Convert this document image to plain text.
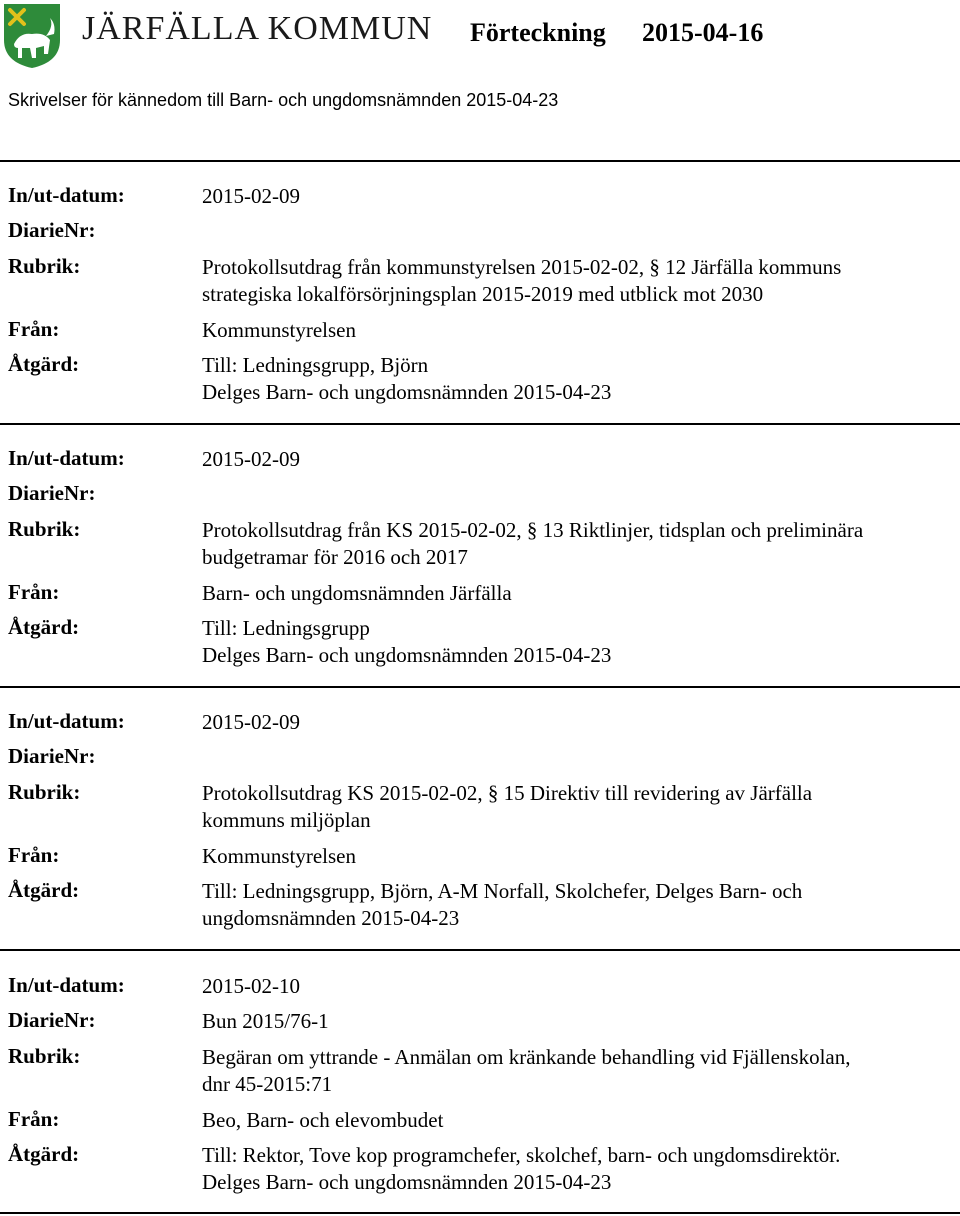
JÄRFÄLLA KOMMUN Förteckning 2015-04-16
Skrivelser för kännedom till Barn- och ungdomsnämnden 2015-04-23
In/ut-datum:	2015-02-09
DiarieNr:
Rubrik:	Protokollsutdrag från kommunstyrelsen 2015-02-02, § 12 Järfälla kommuns
strategiska lokalförsörjningsplan 2015-2019 med utblick mot 2030
Från:	Kommunstyrelsen
Åtgärd:	Till: Ledningsgrupp, Björn
Delges Barn- och ungdomsnämnden 2015-04-23
In/ut-datum:	2015-02-09
DiarieNr:
Rubrik:	Protokollsutdrag från KS 2015-02-02, § 13 Riktlinjer, tidsplan och preliminära
budgetramar för 2016 och 2017
Från:	Barn- och ungdomsnämnden Järfälla
Åtgärd:	Till: Ledningsgrupp
Delges Barn- och ungdomsnämnden 2015-04-23
In/ut-datum:	2015-02-09
DiarieNr:
Rubrik:	Protokollsutdrag KS 2015-02-02, § 15 Direktiv till revidering av Järfälla
kommuns miljöplan
Från:	Kommunstyrelsen
Åtgärd:	Till: Ledningsgrupp, Björn, A-M Norfall, Skolchefer, Delges Barn- och
ungdomsnämnden 2015-04-23
In/ut-datum:	2015-02-10
DiarieNr:	Bun 2015/76-1
Rubrik:	Begäran om yttrande - Anmälan om kränkande behandling vid Fjällenskolan,
dnr 45-2015:71
Från:	Beo, Barn- och elevombudet
Åtgärd:	Till: Rektor, Tove kop programchefer, skolchef, barn- och ungdomsdirektör.
Delges Barn- och ungdomsnämnden 2015-04-23
